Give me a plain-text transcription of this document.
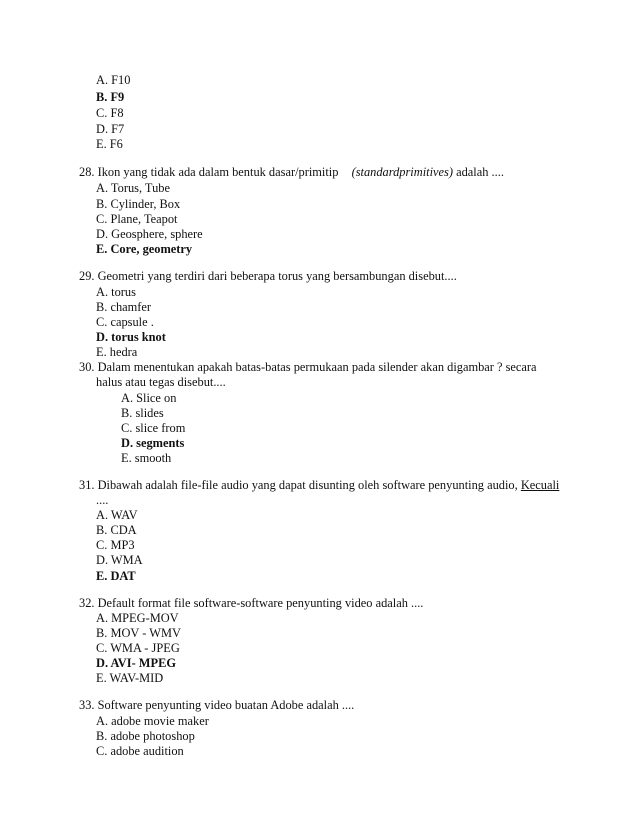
A. F10
B. F9
C. F8
D. F7
E. F6
28. Ikon yang tidak ada dalam bentuk dasar/primitip (standardprimitives) adalah ....
A. Torus, Tube
B. Cylinder, Box
C. Plane, Teapot
D. Geosphere, sphere
E. Core, geometry
29. Geometri yang terdiri dari beberapa torus yang bersambungan disebut....
A. torus
B. chamfer
C. capsule .
D. torus knot
E. hedra
30. Dalam menentukan apakah batas-batas permukaan pada silender akan digambar ? secara
halus atau tegas disebut....
A. Slice on
B. slides
C. slice from
D. segments
E. smooth
31. Dibawah adalah file-file audio yang dapat disunting oleh software penyunting audio, Kecuali
....
A. WAV
B. CDA
C. MP3
D. WMA
E. DAT
32. Default format file software-software penyunting video adalah ....
A. MPEG-MOV
B. MOV - WMV
C. WMA - JPEG
D. AVI- MPEG
E. WAV-MID
33. Software penyunting video buatan Adobe adalah ....
A. adobe movie maker
B. adobe photoshop
C. adobe audition
